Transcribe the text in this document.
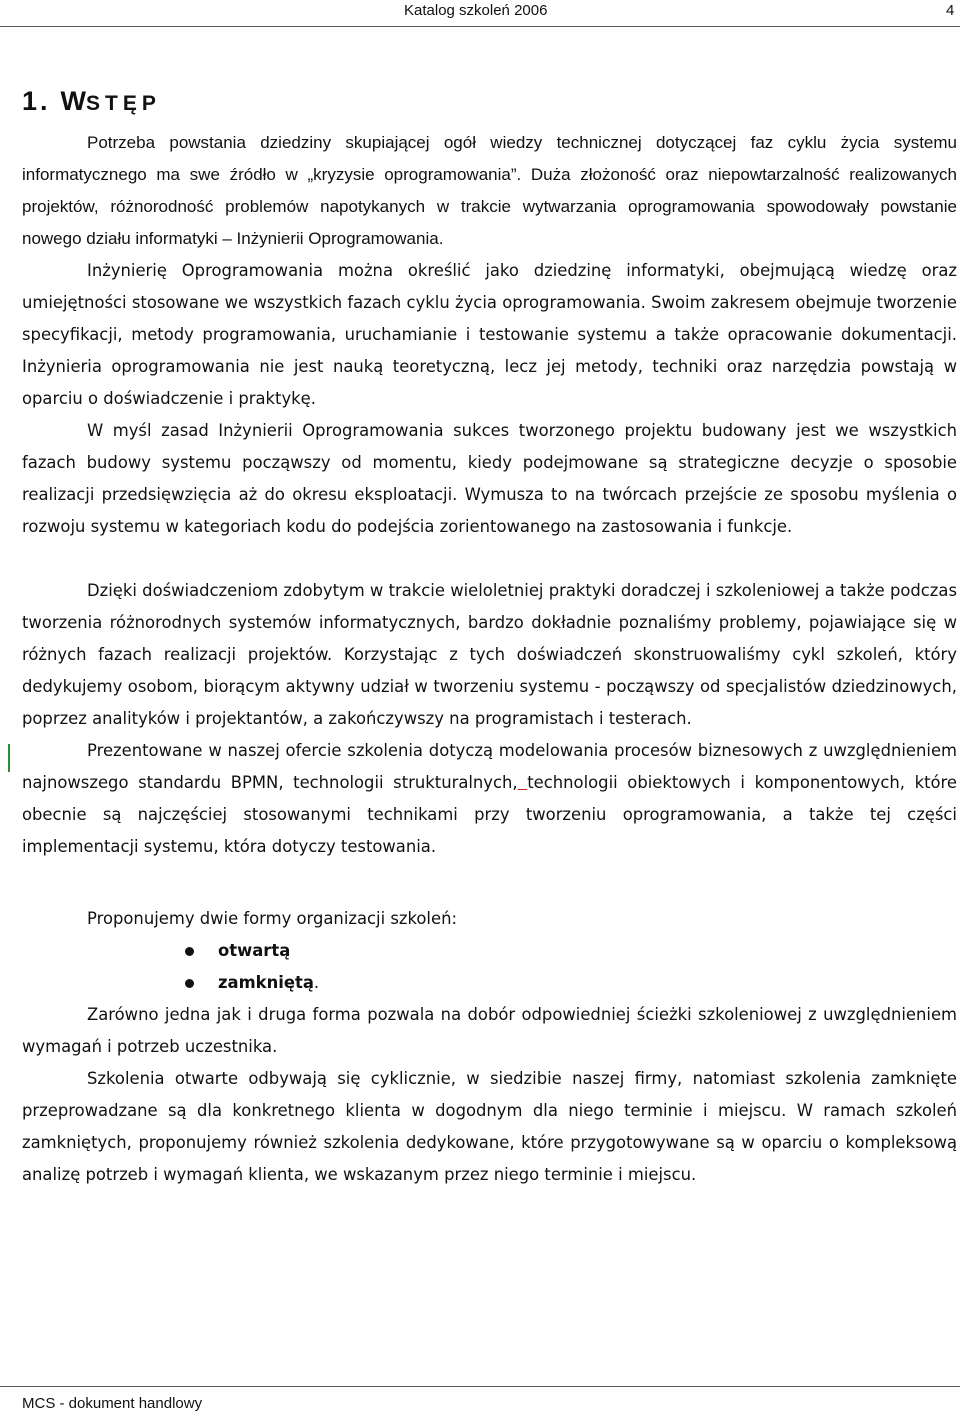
Katalog szkoleń 2006	4
1. WSTĘP

Potrzeba powstania dziedziny skupiającej ogół wiedzy technicznej dotyczącej faz cyklu życia systemu informatycznego ma swe źródło w „kryzysie oprogramowania”. Duża złożoność oraz niepowtarzalność realizowanych projektów, różnorodność problemów napotykanych w trakcie wytwarzania oprogramowania spowodowały powstanie nowego działu informatyki – Inżynierii Oprogramowania.

Inżynierię Oprogramowania można określić jako dziedzinę informatyki, obejmującą wiedzę oraz umiejętności stosowane we wszystkich fazach cyklu życia oprogramowania. Swoim zakresem obejmuje tworzenie specyfikacji, metody programowania, uruchamianie i testowanie systemu a także opracowanie dokumentacji. Inżynieria oprogramowania nie jest nauką teoretyczną, lecz jej metody, techniki oraz narzędzia powstają w oparciu o doświadczenie i praktykę.

W myśl zasad Inżynierii Oprogramowania sukces tworzonego projektu budowany jest we wszystkich fazach budowy systemu począwszy od momentu, kiedy podejmowane są strategiczne decyzje o sposobie realizacji przedsięwzięcia aż do okresu eksploatacji. Wymusza to na twórcach przejście ze sposobu myślenia o rozwoju systemu w kategoriach kodu do podejścia zorientowanego na zastosowania i funkcje.

Dzięki doświadczeniom zdobytym w trakcie wieloletniej praktyki doradczej i szkoleniowej a także podczas tworzenia różnorodnych systemów informatycznych, bardzo dokładnie poznaliśmy problemy, pojawiające się w różnych fazach realizacji projektów. Korzystając z tych doświadczeń skonstruowaliśmy cykl szkoleń, który dedykujemy osobom, biorącym aktywny udział w tworzeniu systemu - począwszy od specjalistów dziedzinowych, poprzez analityków i projektantów, a zakończywszy na programistach i testerach.

Prezentowane w naszej ofercie szkolenia dotyczą modelowania procesów biznesowych z uwzględnieniem najnowszego standardu BPMN, technologii strukturalnych, technologii obiektowych i komponentowych, które obecnie są najczęściej stosowanymi technikami przy tworzeniu oprogramowania, a także tej części implementacji systemu, która dotyczy testowania.

Proponujemy dwie formy organizacji szkoleń:

otwartą
zamkniętą.

Zarówno jedna jak i druga forma pozwala na dobór odpowiedniej ścieżki szkoleniowej z uwzględnieniem wymagań i potrzeb uczestnika.

Szkolenia otwarte odbywają się cyklicznie, w siedzibie naszej firmy, natomiast szkolenia zamknięte przeprowadzane są dla konkretnego klienta w dogodnym dla niego terminie i miejscu. W ramach szkoleń zamkniętych, proponujemy również szkolenia dedykowane, które przygotowywane są w oparciu o kompleksową analizę potrzeb i wymagań klienta, we wskazanym przez niego terminie i miejscu.

MCS - dokument handlowy
